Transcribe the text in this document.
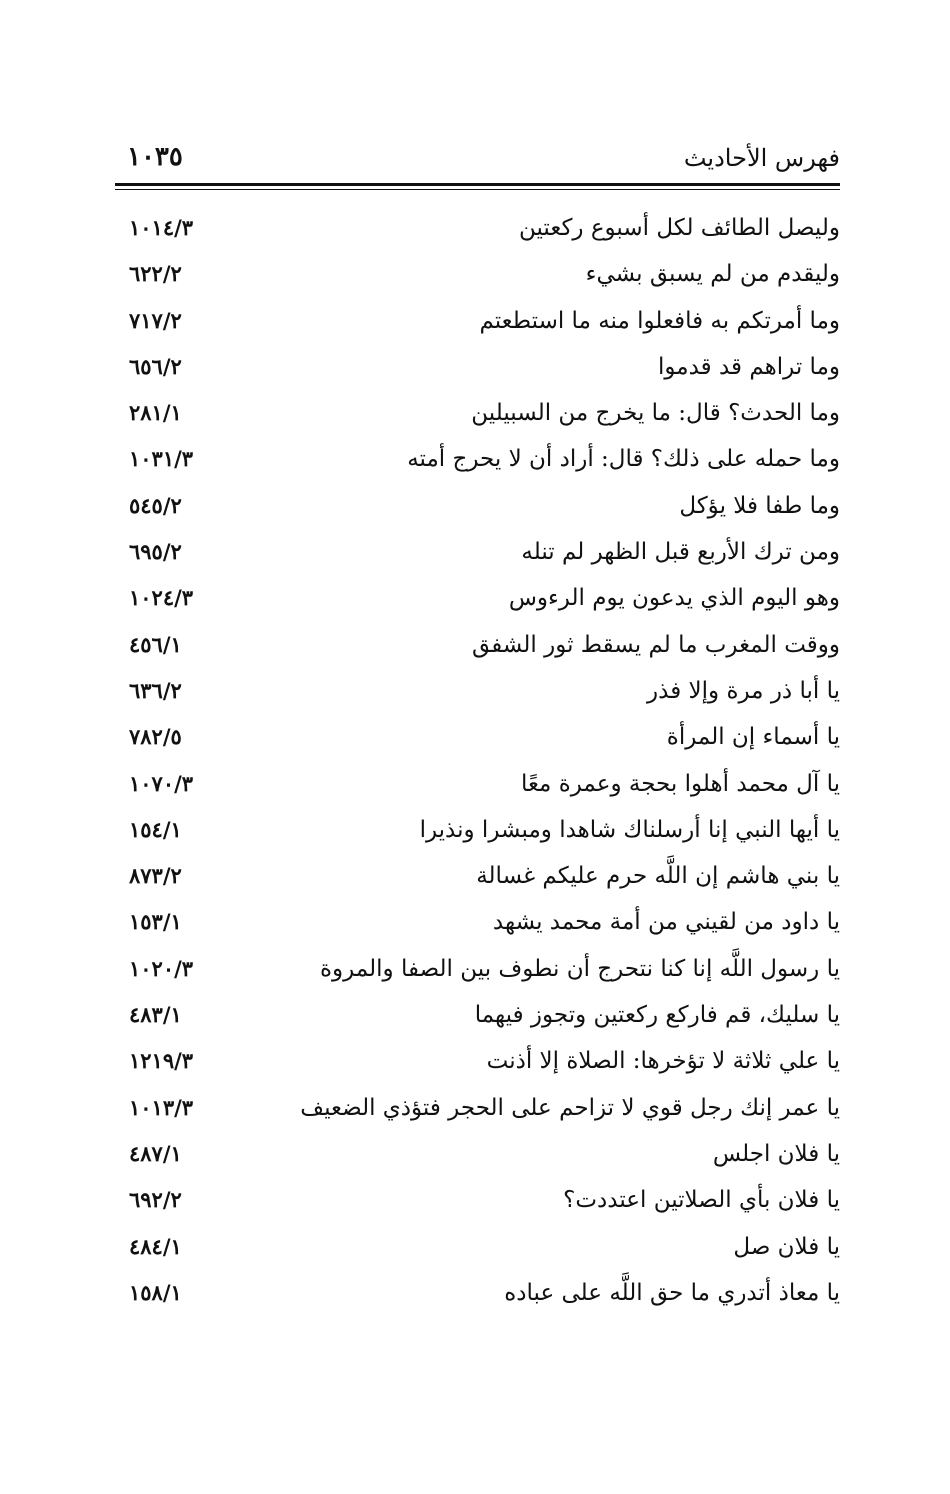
فهرس الأحاديث
١٠٣٥
وليصل الطائف لكل أسبوع ركعتين
١٠١٤/٣
وليقدم من لم يسبق بشيء
٦٢٢/٢
وما أمرتكم به فافعلوا منه ما استطعتم
٧١٧/٢
وما تراهم قد قدموا
٦٥٦/٢
وما الحدث؟ قال: ما يخرج من السبيلين
٢٨١/١
وما حمله على ذلك؟ قال: أراد أن لا يحرج أمته
١٠٣١/٣
وما طفا فلا يؤكل
٥٤٥/٢
ومن ترك الأربع قبل الظهر لم تنله
٦٩٥/٢
وهو اليوم الذي يدعون يوم الرءوس
١٠٢٤/٣
ووقت المغرب ما لم يسقط ثور الشفق
٤٥٦/١
يا أبا ذر مرة وإلا فذر
٦٣٦/٢
يا أسماء إن المرأة
٧٨٢/٥
يا آل محمد أهلوا بحجة وعمرة معًا
١٠٧٠/٣
يا أيها النبي إنا أرسلناك شاهدا ومبشرا ونذيرا
١٥٤/١
يا بني هاشم إن اللَّه حرم عليكم غسالة
٨٧٣/٢
يا داود من لقيني من أمة محمد يشهد
١٥٣/١
يا رسول اللَّه إنا كنا نتحرج أن نطوف بين الصفا والمروة
١٠٢٠/٣
يا سليك، قم فاركع ركعتين وتجوز فيهما
٤٨٣/١
يا علي ثلاثة لا تؤخرها: الصلاة إلا أذنت
١٢١٩/٣
يا عمر إنك رجل قوي لا تزاحم على الحجر فتؤذي الضعيف
١٠١٣/٣
يا فلان اجلس
٤٨٧/١
يا فلان بأي الصلاتين اعتددت؟
٦٩٢/٢
يا فلان صل
٤٨٤/١
يا معاذ أتدري ما حق اللَّه على عباده
١٥٨/١
